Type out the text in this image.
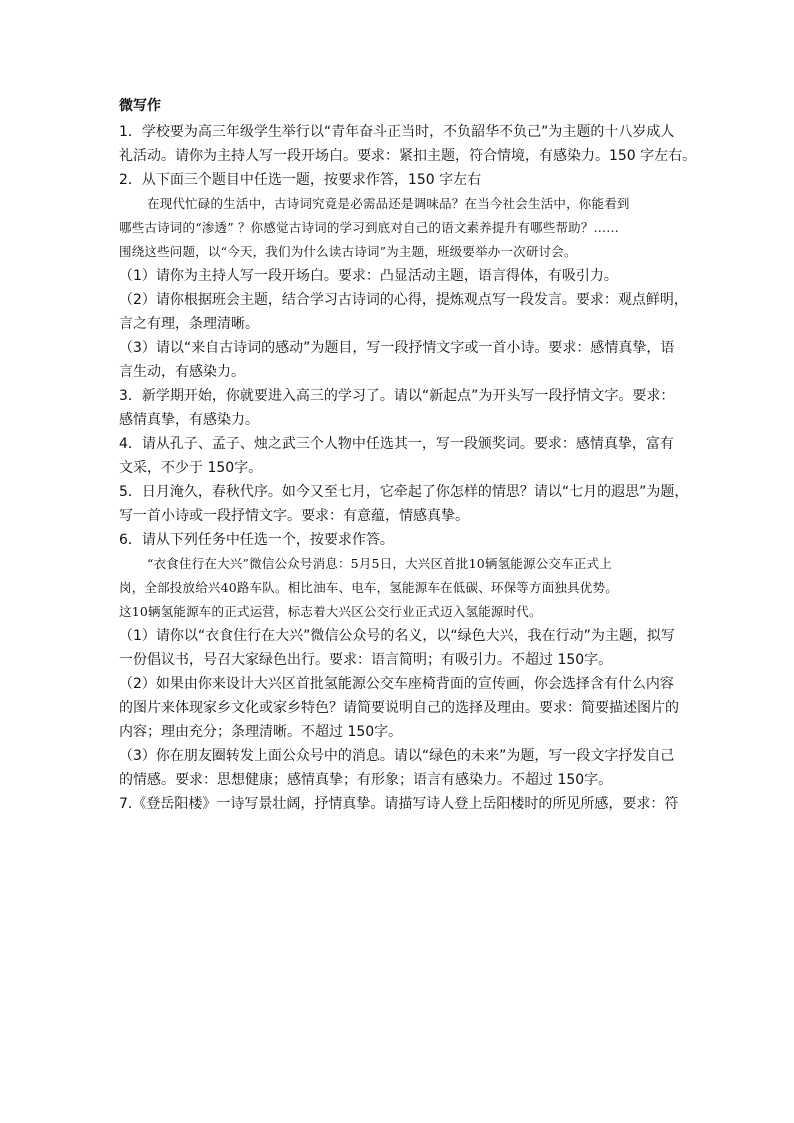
微写作
1．学校要为高三年级学生举行以“青年奋斗正当时，不负韶华不负己”为主题的十八岁成人
礼活动。请你为主持人写一段开场白。要求：紧扣主题，符合情境，有感染力。150 字左右。
2．从下面三个题目中任选一题，按要求作答，150 字左右
在现代忙碌的生活中，古诗词究竟是必需品还是调味品？在当今社会生活中，你能看到
哪些古诗词的“渗透” ？你感觉古诗词的学习到底对自己的语文素养提升有哪些帮助？……
围绕这些问题，以“今天，我们为什么读古诗词”为主题，班级要举办一次研讨会。
（1）请你为主持人写一段开场白。要求：凸显活动主题，语言得体，有吸引力。
（2）请你根据班会主题，结合学习古诗词的心得，提炼观点写一段发言。要求：观点鲜明，
言之有理，条理清晰。
（3）请以“来自古诗词的感动”为题目，写一段抒情文字或一首小诗。要求：感情真挚，语
言生动，有感染力。
3．新学期开始，你就要进入高三的学习了。请以“新起点”为开头写一段抒情文字。要求：
感情真挚，有感染力。
4．请从孔子、孟子、烛之武三个人物中任选其一，写一段颁奖词。要求：感情真挚，富有
文采，不少于 150字。
5．日月淹久，春秋代序。如今又至七月，它牵起了你怎样的情思？请以“七月的遐思”为题，
写一首小诗或一段抒情文字。要求：有意蕴，情感真挚。
6．请从下列任务中任选一个，按要求作答。
“衣食住行在大兴”微信公众号消息：5月5日，大兴区首批10辆氢能源公交车正式上
岗，全部投放给兴40路车队。相比油车、电车，氢能源车在低碳、环保等方面独具优势。
这10辆氢能源车的正式运营，标志着大兴区公交行业正式迈入氢能源时代。
（1）请你以“衣食住行在大兴”微信公众号的名义，以“绿色大兴，我在行动”为主题，拟写
一份倡议书，号召大家绿色出行。要求：语言简明；有吸引力。不超过 150字。
（2）如果由你来设计大兴区首批氢能源公交车座椅背面的宣传画，你会选择含有什么内容
的图片来体现家乡文化或家乡特色？请简要说明自己的选择及理由。要求：简要描述图片的
内容；理由充分；条理清晰。不超过 150字。
（3）你在朋友圈转发上面公众号中的消息。请以“绿色的未来”为题，写一段文字抒发自己
的情感。要求：思想健康；感情真挚；有形象；语言有感染力。不超过 150字。
7.《登岳阳楼》一诗写景壮阔，抒情真挚。请描写诗人登上岳阳楼时的所见所感，要求：符
